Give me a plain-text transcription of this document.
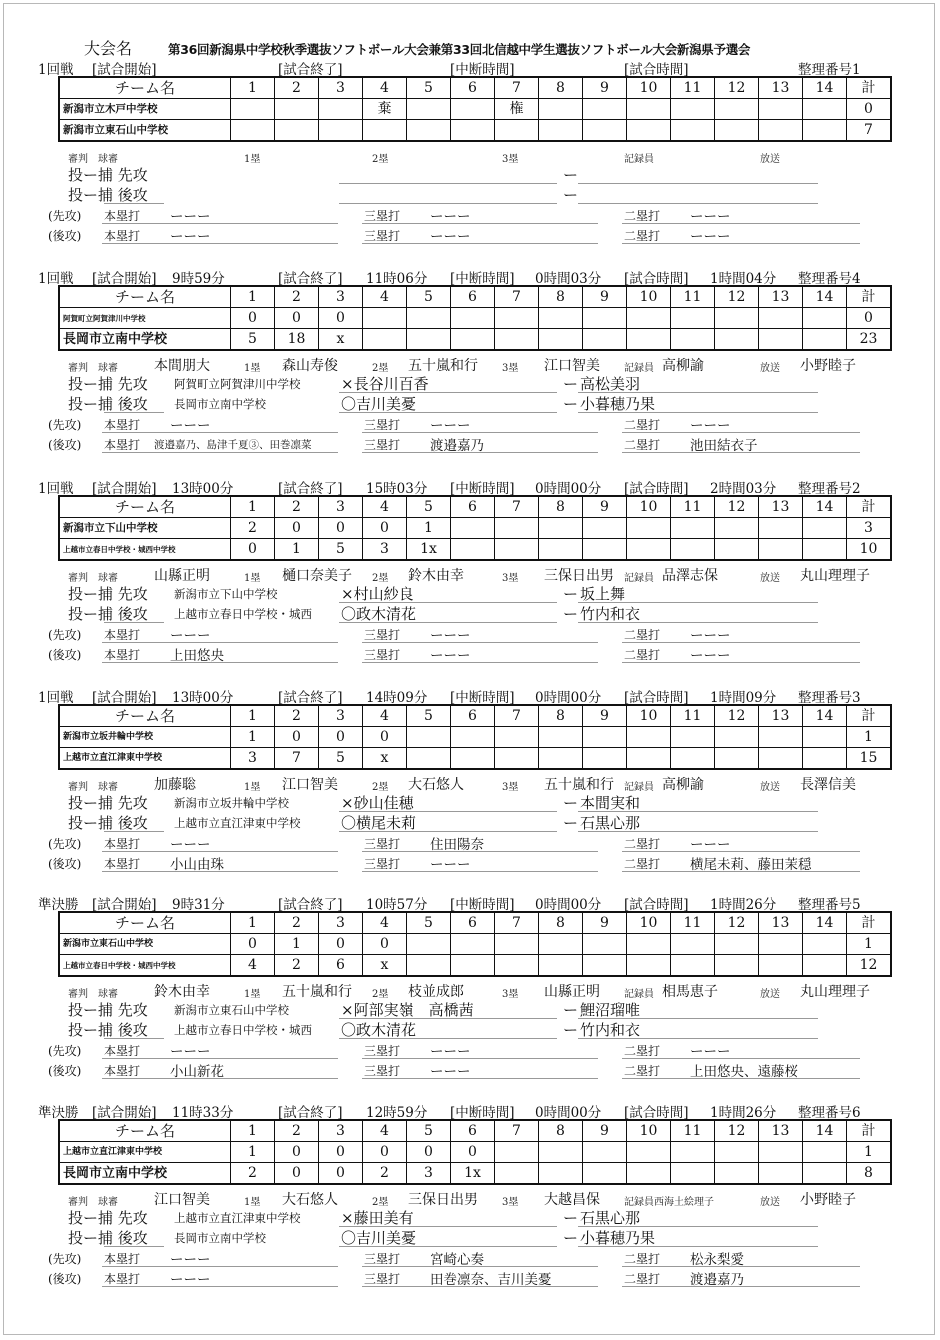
大会名	第36回新潟県中学校秋季選抜ソフトボール大会兼第33回北信越中学生選抜ソフトボール大会新潟県予選会
1回戦 [試合開始]	[試合終了]	[中断時間]	[試合時間]	整理番号1
チーム名	1	2	3	4	5	6	7	8	9	10	11	12	13	14	計
新潟市立木戸中学校				棄			権								0
新潟市立東石山中学校															7
審判 球審	1塁	2塁	3塁	記録員	放送
投ー捕 先攻	ー
投ー捕 後攻	ー
(先攻) 本塁打 ーーー	三塁打 ーーー	二塁打 ーーー
(後攻) 本塁打 ーーー	三塁打 ーーー	二塁打 ーーー
1回戦 [試合開始] 9時59分	[試合終了] 11時06分 [中断時間] 0時間03分 [試合時間] 1時間04分 整理番号4
チーム名	1	2	3	4	5	6	7	8	9	10	11	12	13	14	計
阿賀町立阿賀津川中学校	0	0	0												0
長岡市立南中学校	5	18	x												23
審判 球審	本間朋大	1塁 森山寿俊	2塁 五十嵐和行 3塁 江口智美 記録員 高柳諭	放送 小野睦子
投ー捕 先攻 阿賀町立阿賀津川中学校	×長谷川百香	ー 高松美羽
投ー捕 後攻 長岡市立南中学校	〇吉川美憂	ー 小暮穂乃果
(先攻) 本塁打 ーーー	三塁打 ーーー	二塁打 ーーー
(後攻) 本塁打 渡邉嘉乃、島津千夏③、田巻凛菜	三塁打 渡邉嘉乃	二塁打 池田結衣子
1回戦 [試合開始] 13時00分	[試合終了] 15時03分 [中断時間] 0時間00分 [試合時間] 2時間03分 整理番号2
チーム名	1	2	3	4	5	6	7	8	9	10	11	12	13	14	計
新潟市立下山中学校	2	0	0	0	1										3
上越市立春日中学校・城西中学校	0	1	5	3	1x										10
審判 球審	山縣正明	1塁 樋口奈美子 2塁 鈴木由幸	3塁 三保日出男 記録員 品澤志保	放送 丸山理理子
投ー捕 先攻 新潟市立下山中学校	×村山紗良	ー 坂上舞
投ー捕 後攻 上越市立春日中学校・城西 〇政木清花	ー 竹内和衣
(先攻) 本塁打 ーーー	三塁打 ーーー	二塁打 ーーー
(後攻) 本塁打 上田悠央	三塁打 ーーー	二塁打 ーーー
1回戦 [試合開始] 13時00分	[試合終了] 14時09分 [中断時間] 0時間00分 [試合時間] 1時間09分 整理番号3
チーム名	1	2	3	4	5	6	7	8	9	10	11	12	13	14	計
新潟市立坂井輪中学校	1	0	0	0											1
上越市立直江津東中学校	3	7	5	x											15
審判 球審	加藤聡	1塁 江口智美	2塁 大石悠人	3塁 五十嵐和行 記録員 高柳諭	放送 長澤信美
投ー捕 先攻 新潟市立坂井輪中学校	×砂山佳穂	ー 本間実和
投ー捕 後攻 上越市立直江津東中学校	〇横尾未莉	ー 石黒心那
(先攻) 本塁打 ーーー	三塁打 住田陽奈	二塁打 ーーー
(後攻) 本塁打 小山由珠	三塁打 ーーー	二塁打 横尾未莉、藤田茉穏
準決勝 [試合開始] 9時31分	[試合終了] 10時57分 [中断時間] 0時間00分 [試合時間] 1時間26分 整理番号5
チーム名	1	2	3	4	5	6	7	8	9	10	11	12	13	14	計
新潟市立東石山中学校	0	1	0	0											1
上越市立春日中学校・城西中学校	4	2	6	x											12
審判 球審	鈴木由幸	1塁 五十嵐和行 2塁 枝並成郎	3塁 山縣正明 記録員 相馬恵子	放送 丸山理理子
投ー捕 先攻 新潟市立東石山中学校	×阿部実嶺　高橋茜	ー 鯉沼瑠唯
投ー捕 後攻 上越市立春日中学校・城西 〇政木清花	ー 竹内和衣
(先攻) 本塁打 ーーー	三塁打 ーーー	二塁打 ーーー
(後攻) 本塁打 小山新花	三塁打 ーーー	二塁打 上田悠央、遠藤桜
準決勝 [試合開始] 11時33分	[試合終了] 12時59分 [中断時間] 0時間00分 [試合時間] 1時間26分 整理番号6
チーム名	1	2	3	4	5	6	7	8	9	10	11	12	13	14	計
上越市立直江津東中学校	1	0	0	0	0	0									1
長岡市立南中学校	2	0	0	2	3	1x									8
審判 球審	江口智美	1塁 大石悠人	2塁 三保日出男 3塁 大越昌保 記録員 西海土絵理子	放送 小野睦子
投ー捕 先攻 上越市立直江津東中学校	×藤田美有	ー 石黒心那
投ー捕 後攻 長岡市立南中学校	〇吉川美憂	ー 小暮穂乃果
(先攻) 本塁打 ーーー	三塁打 宮崎心奏	二塁打 松永梨愛
(後攻) 本塁打 ーーー	三塁打 田巻凛奈、吉川美憂	二塁打 渡邉嘉乃
